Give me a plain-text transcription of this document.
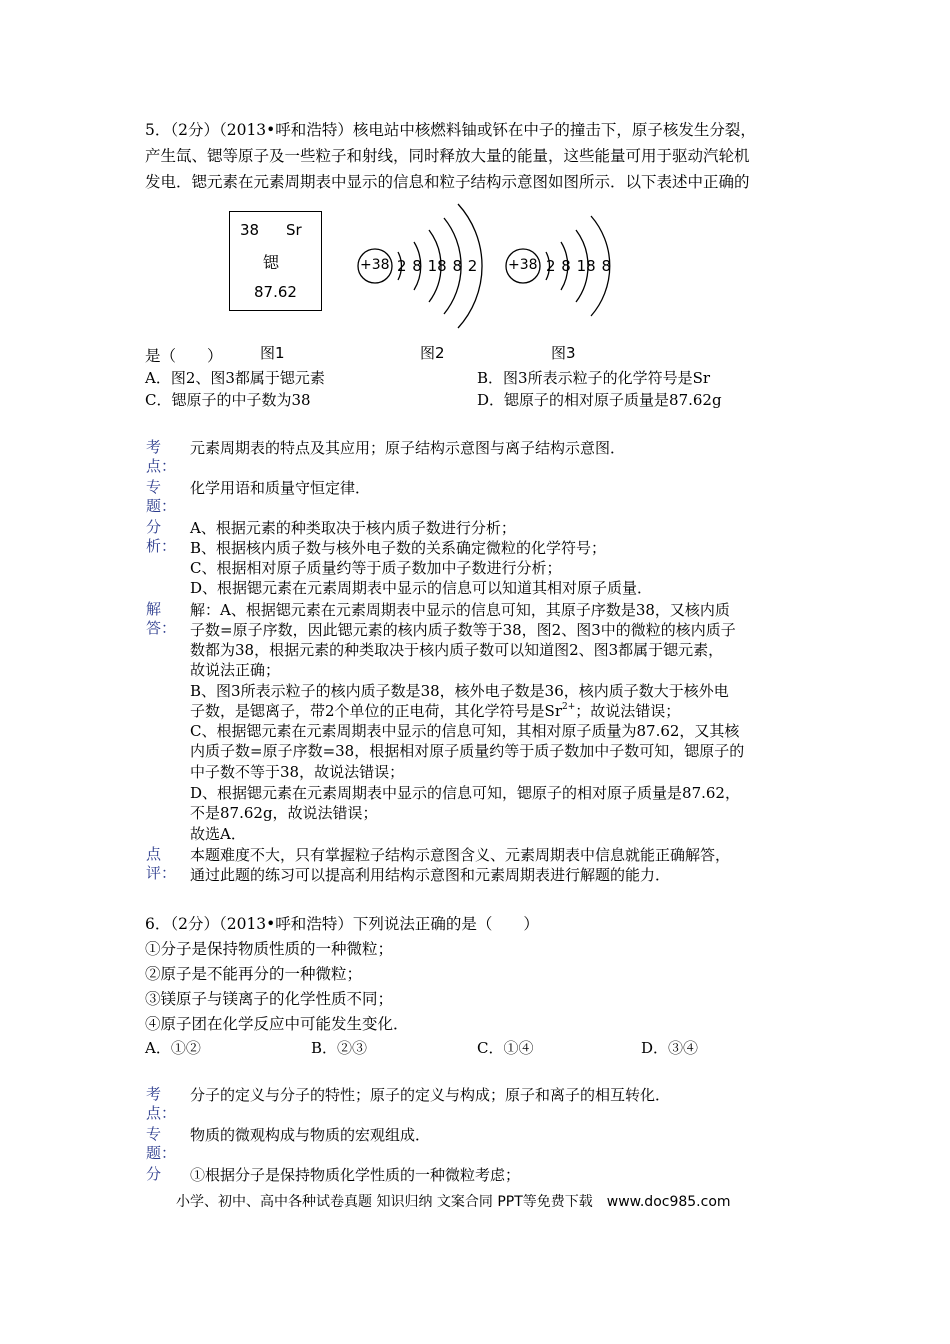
5．（2分）（2013•呼和浩特）核电站中核燃料铀或钚在中子的撞击下，原子核发生分裂，
产生氙、锶等原子及一些粒子和射线，同时释放大量的能量，这些能量可用于驱动汽轮机
发电．锶元素在元素周期表中显示的信息和粒子结构示意图如图所示．以下表述中正确的
38 Sr
锶
87.62
+38 2 8 18 8 2 +38 2 8 18 8
是（　　） 图1	图2	图3
A．图2、图3都属于锶元素	B．图3所表示粒子的化学符号是Sr
C．锶原子的中子数为38	D．锶原子的相对原子质量是87.62g
考
点：
元素周期表的特点及其应用；原子结构示意图与离子结构示意图．
专
题：
化学用语和质量守恒定律．
分
析：
A、根据元素的种类取决于核内质子数进行分析；
B、根据核内质子数与核外电子数的关系确定微粒的化学符号；
C、根据相对原子质量约等于质子数加中子数进行分析；
D、根据锶元素在元素周期表中显示的信息可以知道其相对原子质量．
解
答：
解：A、根据锶元素在元素周期表中显示的信息可知，其原子序数是38，又核内质
子数=原子序数，因此锶元素的核内质子数等于38，图2、图3中的微粒的核内质子
数都为38，根据元素的种类取决于核内质子数可以知道图2、图3都属于锶元素，
故说法正确；
B、图3所表示粒子的核内质子数是38，核外电子数是36，核内质子数大于核外电
子数，是锶离子，带2个单位的正电荷，其化学符号是$Sr^{2+}$；故说法错误；
C、根据锶元素在元素周期表中显示的信息可知，其相对原子质量为87.62，又其核
内质子数=原子序数=38，根据相对原子质量约等于质子数加中子数可知，锶原子的
中子数不等于38，故说法错误；
D、根据锶元素在元素周期表中显示的信息可知，锶原子的相对原子质量是87.62，
不是87.62g，故说法错误；
故选A．
点
评：
本题难度不大，只有掌握粒子结构示意图含义、元素周期表中信息就能正确解答，
通过此题的练习可以提高利用结构示意图和元素周期表进行解题的能力．
6．（2分）（2013•呼和浩特）下列说法正确的是（　　）
①分子是保持物质性质的一种微粒；
②原子是不能再分的一种微粒；
③镁原子与镁离子的化学性质不同；
④原子团在化学反应中可能发生变化．
A．①②	B．②③	C．①④	D．③④
考
点：
分子的定义与分子的特性；原子的定义与构成；原子和离子的相互转化．
专
题：
物质的微观构成与物质的宏观组成．
分 ①根据分子是保持物质化学性质的一种微粒考虑；
小学、初中、高中各种试卷真题 知识归纳 文案合同 PPT等免费下载　www.doc985.com
